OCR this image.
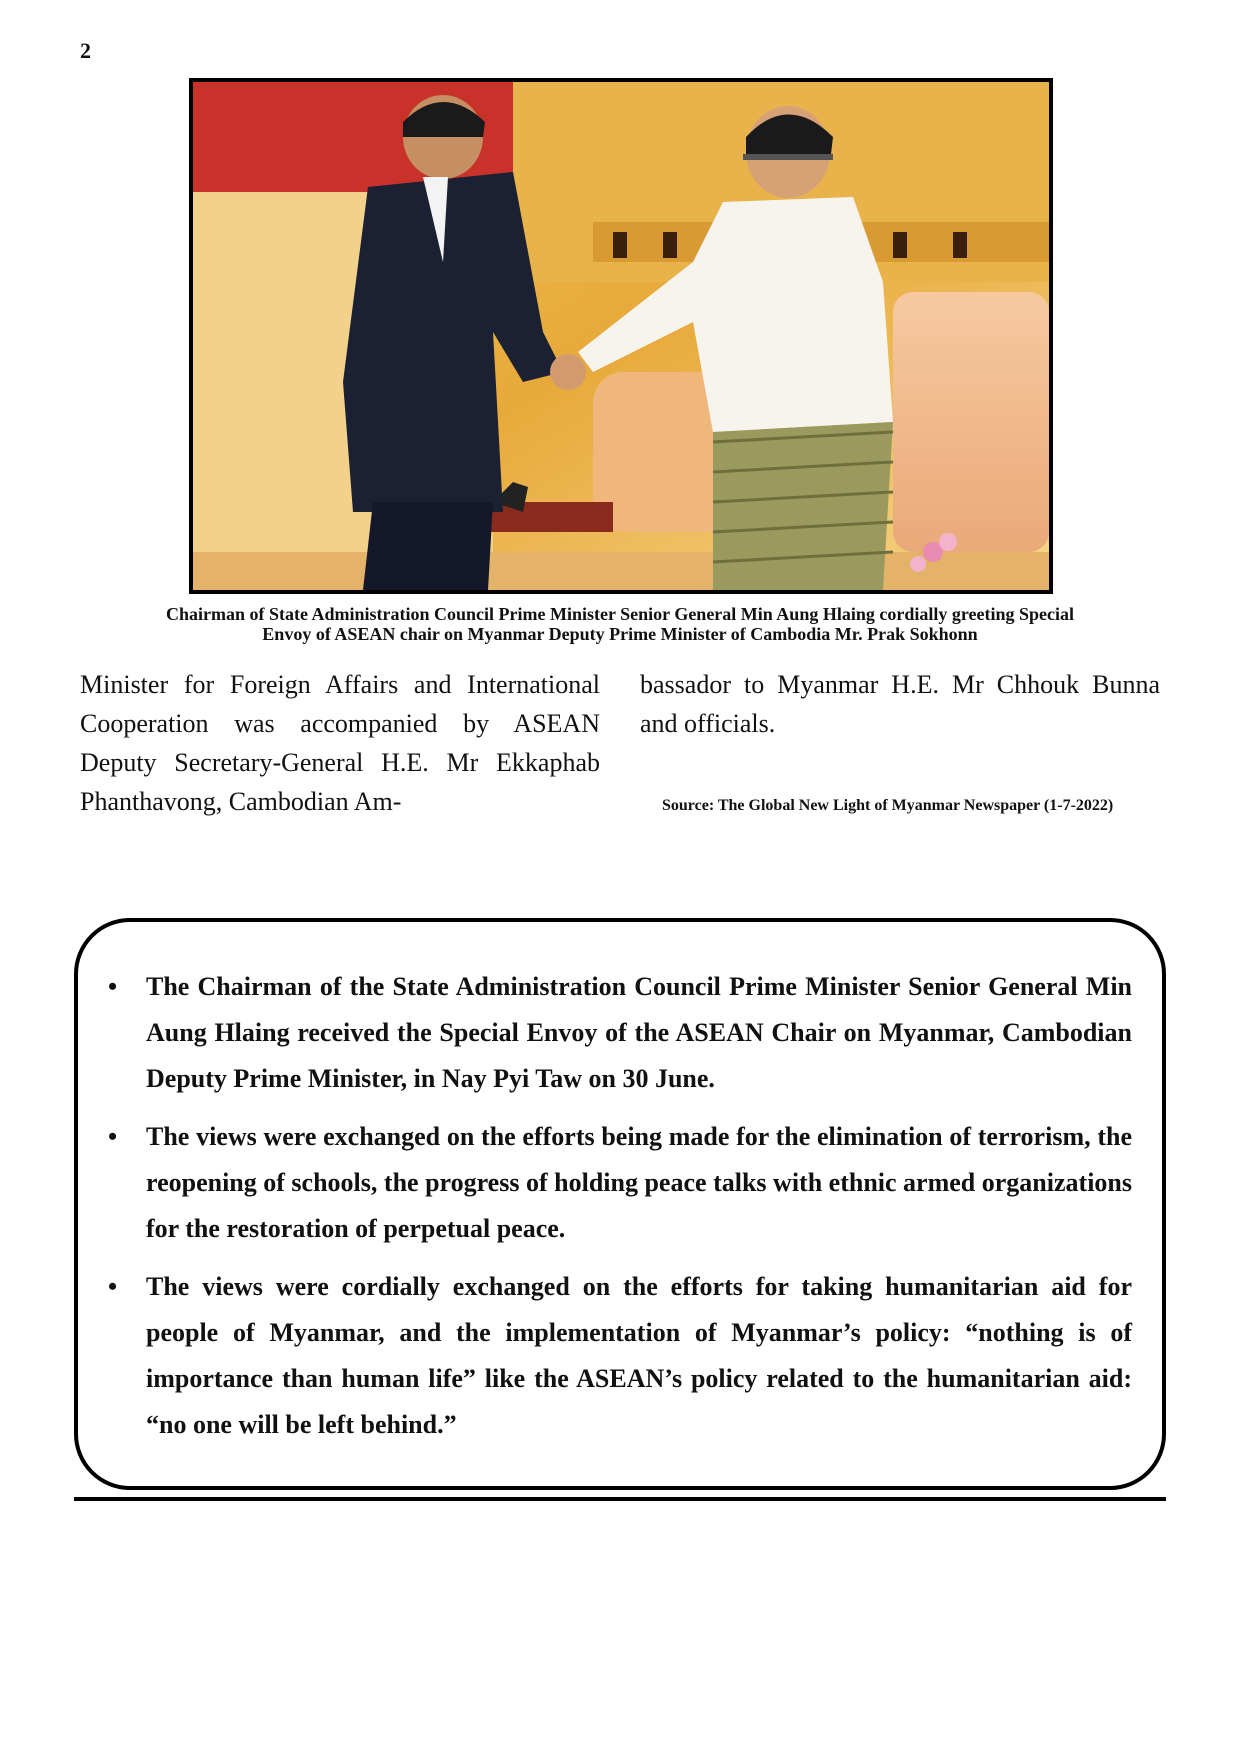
2
Chairman of State Administration Council Prime Minister Senior General Min Aung Hlaing cordially greeting Special
Envoy of ASEAN chair on Myanmar Deputy Prime Minister of Cambodia Mr. Prak Sokhonn
Minister for Foreign Affairs and International Cooperation was accompanied by ASEAN Deputy Secretary-General H.E. Mr Ekkaphab Phanthavong, Cambodian Am-
bassador to Myanmar H.E. Mr Chhouk Bunna and officials.
Source: The Global New Light of Myanmar Newspaper (1-7-2022)
•	The Chairman of the State Administration Council Prime Minister Senior General Min Aung Hlaing received the Special Envoy of the ASEAN Chair on Myanmar, Cambodian Deputy Prime Minister, in Nay Pyi Taw on 30 June.
•	The views were exchanged on the efforts being made for the elimination of terrorism, the reopening of schools, the progress of holding peace talks with ethnic armed organizations for the restoration of perpetual peace.
•	The views were cordially exchanged on the efforts for taking humanitarian aid for people of Myanmar, and the implementation of Myanmar’s policy: “nothing is of importance than human life” like the ASEAN’s policy related to the humanitarian aid: “no one will be left behind.”
